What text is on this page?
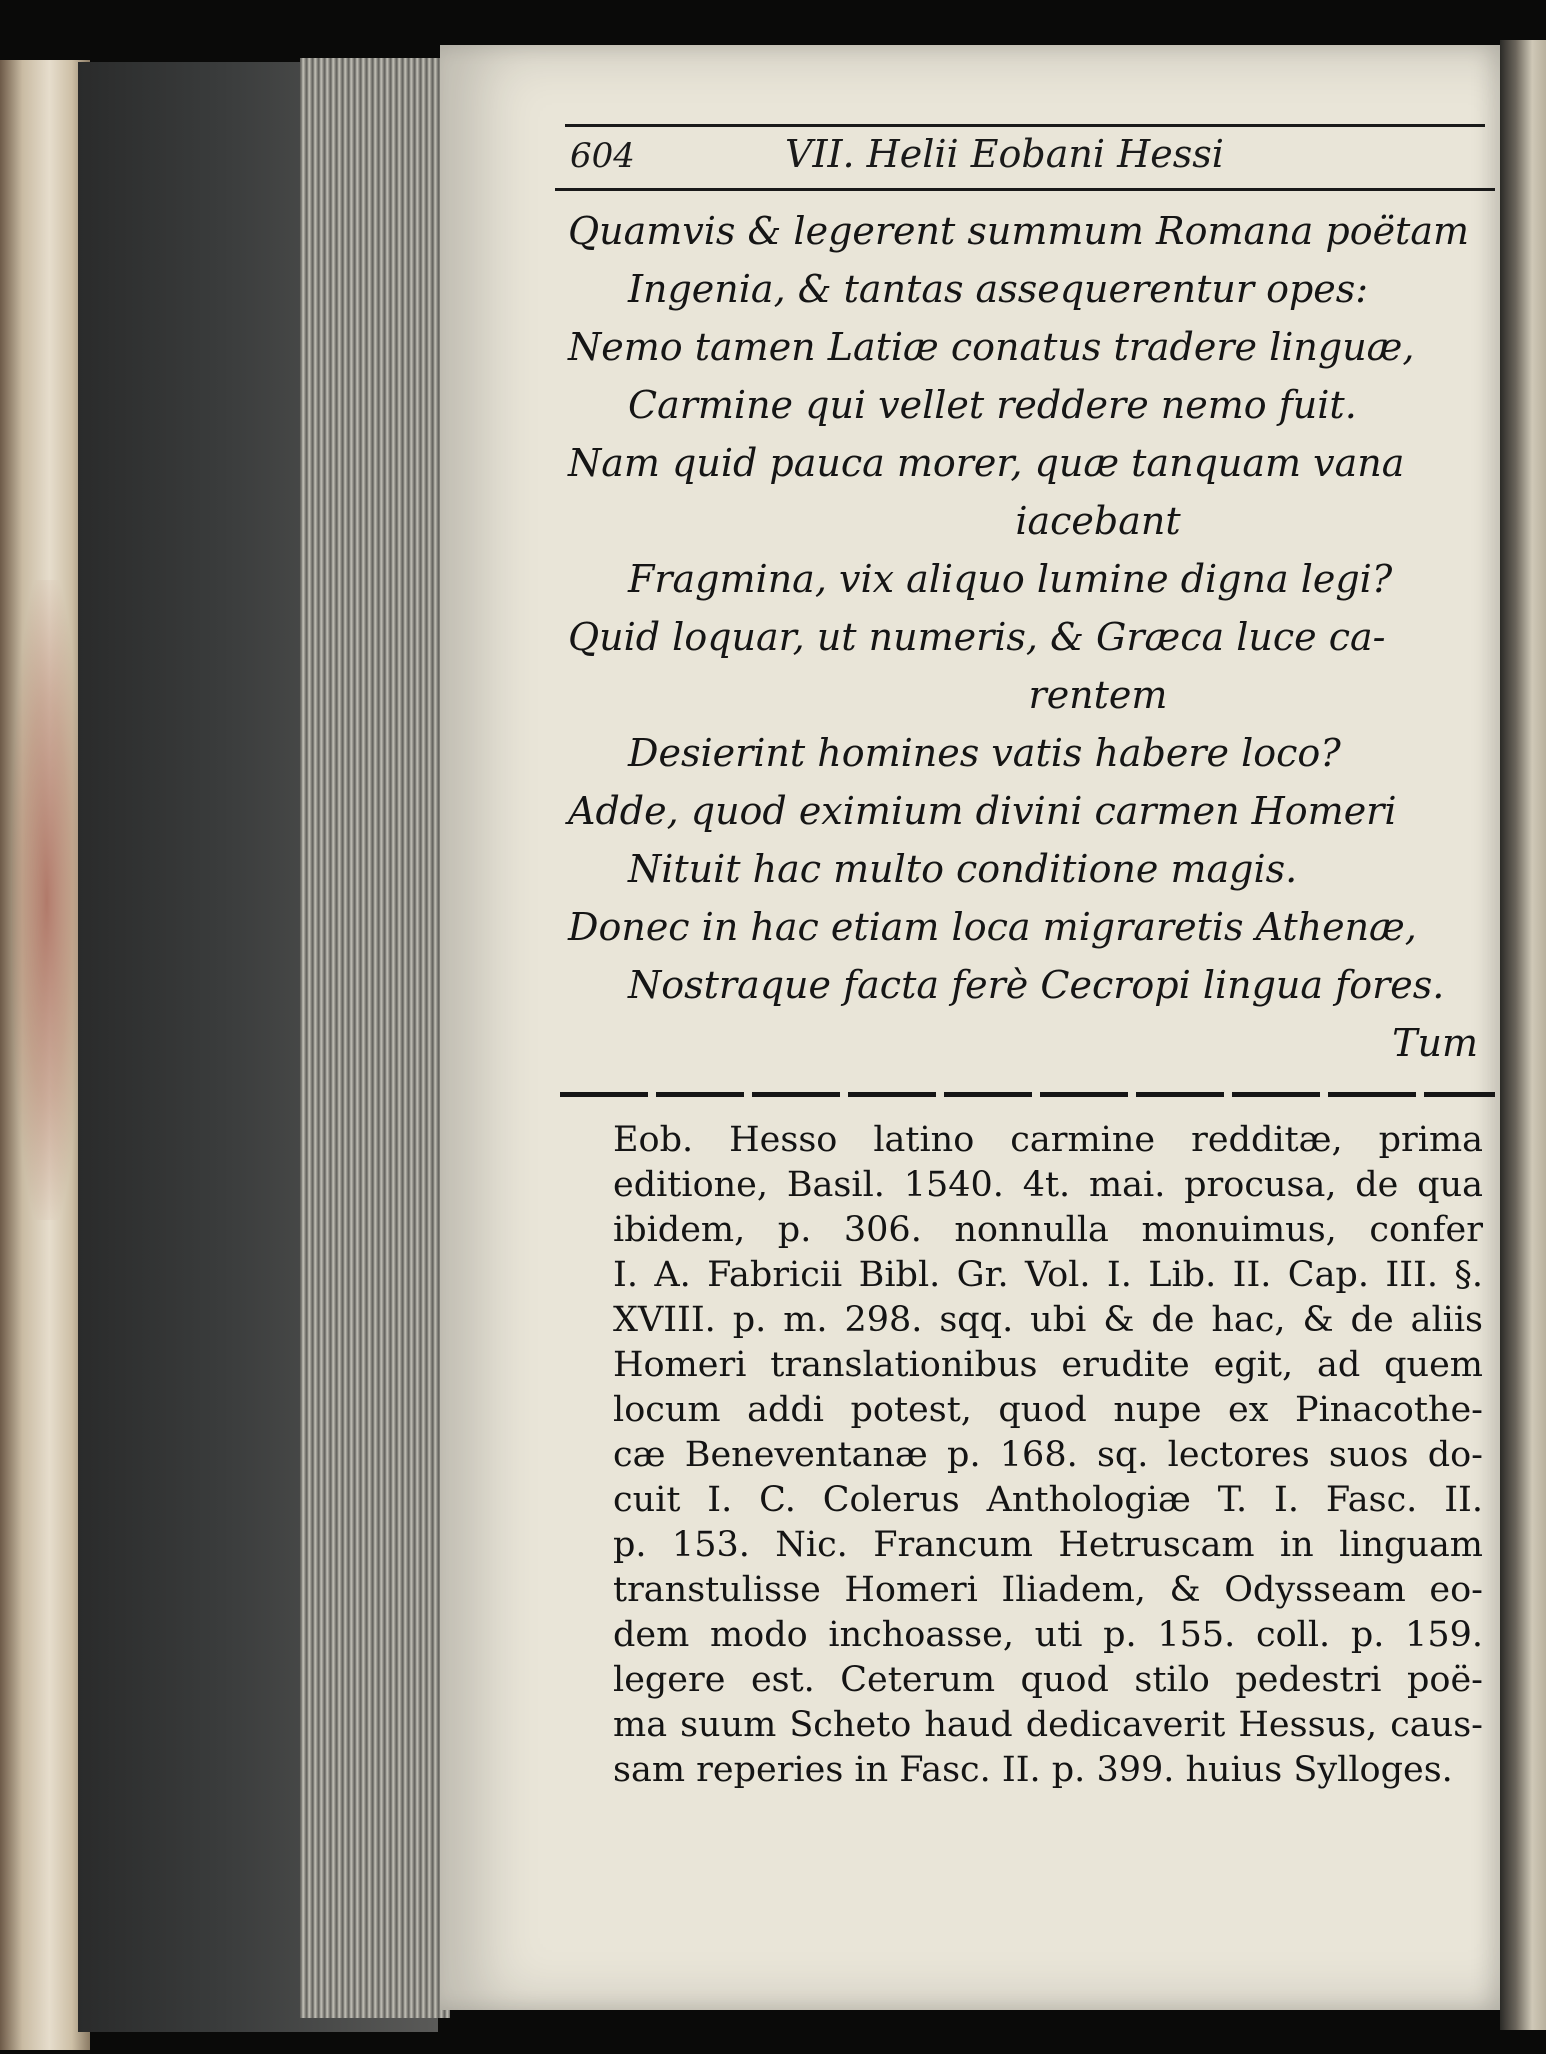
604	VII. Helii Eobani Hessi
Quamvis & legerent summum Romana poëtam
Ingenia, & tantas assequerentur opes:
Nemo tamen Latiæ conatus tradere linguæ,
Carmine qui vellet reddere nemo fuit.
Nam quid pauca morer, quæ tanquam vana
iacebant
Fragmina, vix aliquo lumine digna legi?
Quid loquar, ut numeris, & Græca luce ca-
rentem
Desierint homines vatis habere loco?
Adde, quod eximium divini carmen Homeri
Nituit hac multo conditione magis.
Donec in hac etiam loca migraretis Athenæ,
Nostraque facta ferè Cecropi lingua fores.
Tum
Eob. Hesso latino carmine redditæ, prima
editione, Basil. 1540. 4t. mai. procusa, de qua
ibidem, p. 306. nonnulla monuimus, confer
I. A. Fabricii Bibl. Gr. Vol. I. Lib. II. Cap. III. §.
XVIII. p. m. 298. sqq. ubi & de hac, & de aliis
Homeri translationibus erudite egit, ad quem
locum addi potest, quod nupe ex Pinacothe-
cæ Beneventanæ p. 168. sq. lectores suos do-
cuit I. C. Colerus Anthologiæ T. I. Fasc. II.
p. 153. Nic. Francum Hetruscam in linguam
transtulisse Homeri Iliadem, & Odysseam eo-
dem modo inchoasse, uti p. 155. coll. p. 159.
legere est. Ceterum quod stilo pedestri poë-
ma suum Scheto haud dedicaverit Hessus, caus-
sam reperies in Fasc. II. p. 399. huius Sylloges.
